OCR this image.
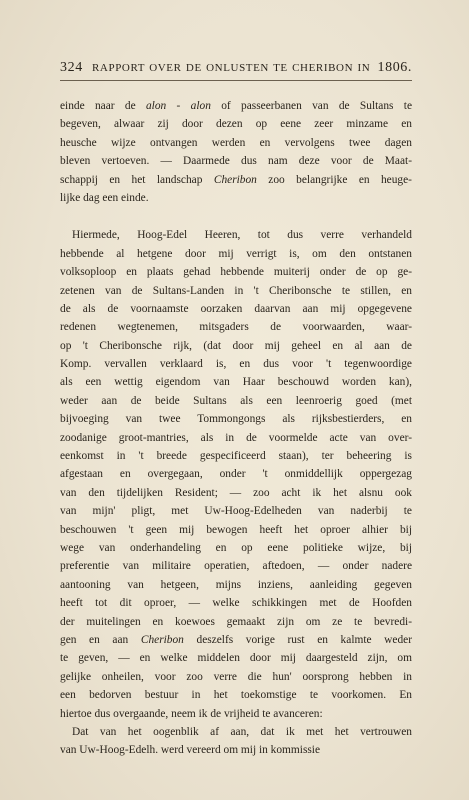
324 RAPPORT OVER DE ONLUSTEN TE CHERIBON IN 1806.
einde naar de alon - alon of passeerbanen van de Sultans te
begeven, alwaar zij door dezen op eene zeer minzame en
heusche wijze ontvangen werden en vervolgens twee dagen
bleven vertoeven. — Daarmede dus nam deze voor de Maat-
schappij en het landschap Cheribon zoo belangrijke en heuge-
lijke dag een einde.
Hiermede, Hoog-Edel Heeren, tot dus verre verhandeld
hebbende al hetgene door mij verrigt is, om den ontstanen
volksoploop en plaats gehad hebbende muiterij onder de op ge-
zetenen van de Sultans-Landen in 't Cheribonsche te stillen, en
de als de voornaamste oorzaken daarvan aan mij opgegevene
redenen wegtenemen, mitsgaders de voorwaarden, waar-
op 't Cheribonsche rijk, (dat door mij geheel en al aan de
Komp. vervallen verklaard is, en dus voor 't tegenwoordige
als een wettig eigendom van Haar beschouwd worden kan),
weder aan de beide Sultans als een leenroerig goed (met
bijvoeging van twee Tommongongs als rijksbestierders, en
zoodanige groot-mantries, als in de voormelde acte van over-
eenkomst in 't breede gespecificeerd staan), ter beheering is
afgestaan en overgegaan, onder 't onmiddellijk oppergezag
van den tijdelijken Resident; — zoo acht ik het alsnu ook
van mijn' pligt, met Uw-Hoog-Edelheden van naderbij te
beschouwen 't geen mij bewogen heeft het oproer alhier bij
wege van onderhandeling en op eene politieke wijze, bij
preferentie van militaire operatien, aftedoen, — onder nadere
aantooning van hetgeen, mijns inziens, aanleiding gegeven
heeft tot dit oproer, — welke schikkingen met de Hoofden
der muitelingen en koewoes gemaakt zijn om ze te bevredi-
gen en aan Cheribon deszelfs vorige rust en kalmte weder
te geven, — en welke middelen door mij daargesteld zijn, om
gelijke onheilen, voor zoo verre die hun' oorsprong hebben in
een bedorven bestuur in het toekomstige te voorkomen. En
hiertoe dus overgaande, neem ik de vrijheid te avanceren:
Dat van het oogenblik af aan, dat ik met het vertrouwen
van Uw-Hoog-Edelh. werd vereerd om mij in kommissie
